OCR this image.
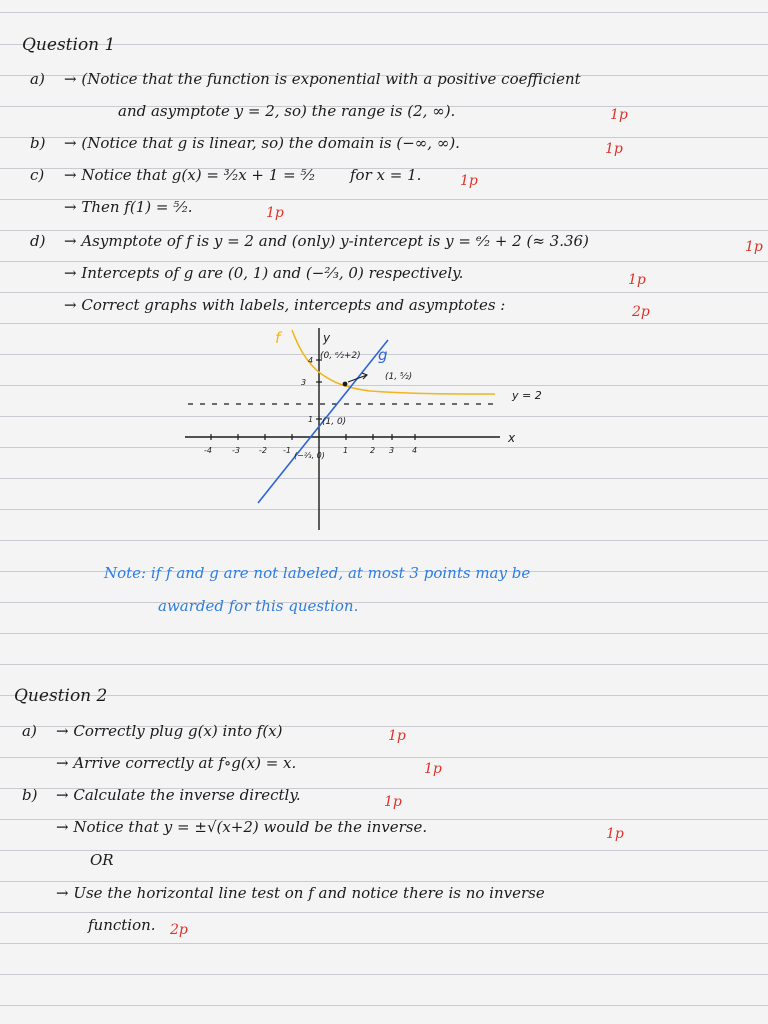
Question 1
a) → (Notice that the function is exponential with a positive coefficient
and asymptote y = 2, so) the range is (2, ∞).	1p
b) → (Notice that g is linear, so) the domain is (−∞, ∞).	1p
c) → Notice that g(x) = ³⁄₂x + 1 = ⁵⁄₂ for x = 1.	1p
→ Then f(1) = ⁵⁄₂.	1p
d) → Asymptote of f is y = 2 and (only) y-intercept is y = ᵉ⁄₂ + 2 (≈ 3.36)	1p
→ Intercepts of g are (0, 1) and (−²⁄₃, 0) respectively.	1p
→ Correct graphs with labels, intercepts and asymptotes :	2p
f
g
y
x
y = 2
(0, ᵉ⁄₂+2)
(1, ⁵⁄₂)
(1, 0)
(−²⁄₃, 0)
-4	-3 -2 -1	1	2 3 4
1
3
4
Note: if f and g are not labeled, at most 3 points may be
awarded for this question.
Question 2
a) → Correctly plug g(x) into f(x)	1p
→ Arrive correctly at f∘g(x) = x.	1p
b) → Calculate the inverse directly.	1p
→ Notice that y = ±√(x+2) would be the inverse.	1p
OR
→ Use the horizontal line test on f and notice there is no inverse
function. 2p
